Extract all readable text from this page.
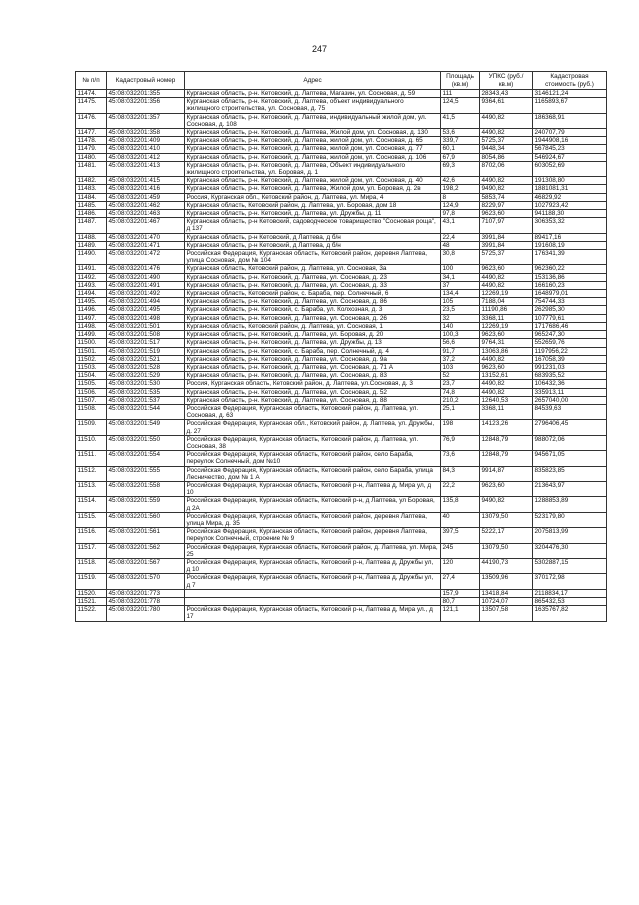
247
№ п/п	Кадастровый номер	Адрес	Площадь (кв.м)	УПКС (руб./кв.м)	Кадастровая стоимость (руб.)
11474.	45:08:032201:355	Курганская область, р-н. Кетовский, д. Лаптева, Магазин, ул. Сосновая, д. 59	111	28343,43	3146121,24
11475.	45:08:032201:356	Курганская область, р-н. Кетовский, д. Лаптева, объект индивидуального жилищного строительства, ул. Сосновая, д. 75	124,5	9364,61	1165893,67
11476.	45:08:032201:357	Курганская область, р-н. Кетовский, д. Лаптева, индивидуальный жилой дом, ул. Сосновая, д. 108	41,5	4490,82	186368,91
11477.	45:08:032201:358	Курганская область, р-н. Кетовский, д. Лаптева, Жилой дом, ул. Сосновая, д. 130	53,6	4490,82	240707,79
11478.	45:08:032201:409	Курганская область, р-н. Кетовский, д. Лаптева, жилой дом, ул. Сосновая, д. 65	339,7	5725,37	1944908,16
11479.	45:08:032201:410	Курганская область, р-н. Кетовский, д. Лаптева, жилой дом, ул. Сосновая, д. 77	60,1	9448,34	567845,23
11480.	45:08:032201:412	Курганская область, р-н. Кетовский, д. Лаптева, жилой дом, ул. Сосновая, д. 106	67,9	8054,86	546924,67
11481.	45:08:032201:413	Курганская область, р-н. Кетовский, д. Лаптева, Объект индивидуального жилищного строительства, ул. Боровая, д. 1	69,3	8702,06	603052,69
11482.	45:08:032201:415	Курганская область, р-н. Кетовский, д. Лаптева, жилой дом, ул. Сосновая, д. 40	42,6	4490,82	191308,80
11483.	45:08:032201:416	Курганская область, р-н. Кетовский, д. Лаптева, Жилой дом, ул. Боровая, д. 2в	198,2	9490,82	1881081,31
11484.	45:08:032201:459	Россия, Курганская обл., Кетовский район, д. Лаптева, ул. Мира, 4	8	5853,74	46829,92
11485.	45:08:032201:462	Курганская область, Кетовский район, д. Лаптева, ул. Боровая, дом 18	124,9	8229,97	1027923,42
11486.	45:08:032201:463	Курганская область, р-н. Кетовский, д. Лаптева, ул. Дружбы, д. 11	97,8	9623,60	941188,30
11487.	45:08:032201:467	Курганская область, р-н Кетовский, садоводческое товарищество "Сосновая роща", д 137	43,1	7107,97	306353,32
11488.	45:08:032201:470	Курганская область, р-н Кетовский, д Лаптева, д б/н	22,4	3991,84	89417,16
11489.	45:08:032201:471	Курганская область, р-н Кетовский, д Лаптева, д б/н	48	3991,84	191608,19
11490.	45:08:032201:472	Российская Федерация, Курганская область, Кетовский район, деревня Лаптева, улица Сосновая, дом № 104	30,8	5725,37	176341,39
11491.	45:08:032201:476	Курганская область, Кетовский район, д. Лаптева, ул. Сосновая, 3а	100	9623,60	962360,22
11492.	45:08:032201:490	Курганская область, р-н. Кетовский, д. Лаптева, ул. Сосновая, д. 23	34,1	4490,82	153136,86
11493.	45:08:032201:491	Курганская область, р-н. Кетовский, д. Лаптева, ул. Сосновая, д. 33	37	4490,82	166160,23
11494.	45:08:032201:492	Курганская область, Кетовский район, с. Бараба, пер. Солнечный, 6	134,4	12269,19	1648979,01
11495.	45:08:032201:494	Курганская область, р-н. Кетовский, д. Лаптева, ул. Сосновая, д. 86	105	7188,04	754744,33
11496.	45:08:032201:495	Курганская область, р-н. Кетовский, с. Бараба, ул. Колхозная, д. 3	23,5	11190,86	262985,30
11497.	45:08:032201:498	Курганская область, р-н. Кетовский, д. Лаптева, ул. Сосновая, д. 26	32	3368,11	107779,61
11498.	45:08:032201:501	Курганская область, Кетовский район, д. Лаптева, ул. Сосновая, 1	140	12269,19	1717686,46
11499.	45:08:032201:508	Курганская область, р-н. Кетовский, д. Лаптева, ул. Боровая, д. 20	100,3	9623,60	965247,30
11500.	45:08:032201:517	Курганская область, р-н. Кетовский, д. Лаптева, ул. Дружбы, д. 13	56,6	9764,31	552659,76
11501.	45:08:032201:519	Курганская область, р-н. Кетовский, с. Бараба, пер. Солнечный, д. 4	91,7	13063,86	1197956,22
11502.	45:08:032201:521	Курганская область, р-н. Кетовский, д. Лаптева, ул. Сосновая, д. 9а	37,2	4490,82	167058,39
11503.	45:08:032201:528	Курганская область, р-н. Кетовский, д. Лаптева, ул. Сосновая, д. 71 А	103	9623,60	991231,03
11504.	45:08:032201:529	Курганская область, р-н. Кетовский, д. Лаптева, ул. Сосновая, д. 83	52	13152,61	683935,52
11505.	45:08:032201:530	Россия, Курганская область, Кетовский район, д. Лаптева, ул.Сосновая, д. 3	23,7	4490,82	106432,36
11506.	45:08:032201:535	Курганская область, р-н. Кетовский, д. Лаптева, ул. Сосновая, д. 52	74,8	4490,82	335913,11
11507.	45:08:032201:537	Курганская область, р-н. Кетовский, д. Лаптева, ул. Сосновая, д. 88	210,2	12640,53	2657040,00
11508.	45:08:032201:544	Российская Федерация, Курганская область, Кетовский район, д. Лаптева, ул. Сосновая, д. 63	25,1	3368,11	84539,63
11509.	45:08:032201:549	Российская Федерация, Курганская обл., Кетовский район, д. Лаптева, ул. Дружбы, д. 27	198	14123,26	2796406,45
11510.	45:08:032201:550	Российская Федерация, Курганская область, Кетовский район, д. Лаптева, ул. Сосновая, 38	76,9	12848,79	988072,06
11511.	45:08:032201:554	Российская Федерация, Курганская область, Кетовский район, село Бараба, переулок Солнечный, дом №10	73,6	12848,79	945671,05
11512.	45:08:032201:555	Российская Федерация, Курганская область, Кетовский район, село Бараба, улица Лесничество, дом № 1 А	84,3	9914,87	835823,85
11513.	45:08:032201:558	Российская Федерация, Курганская область, Кетовский р-н, Лаптева д, Мира ул, д 10	22,2	9623,60	213643,97
11514.	45:08:032201:559	Российская Федерация, Курганская область, Кетовский р-н, д Лаптева, ул Боровая, д 2А	135,8	9490,82	1288853,89
11515.	45:08:032201:560	Российская Федерация, Курганская область, Кетовский район, деревня Лаптева, улица Мира, д. 35	40	13079,50	523179,80
11516.	45:08:032201:561	Российская Федерация, Курганская область, Кетовский район, деревня Лаптева, переулок Солнечный, строение № 9	397,5	5222,17	2075813,99
11517.	45:08:032201:562	Российская Федерация, Курганская область, Кетовский район, д. Лаптева, ул. Мира, 25	245	13079,50	3204476,30
11518.	45:08:032201:567	Российская Федерация, Курганская область, Кетовский р-н, Лаптева д, Дружбы ул, д 10	120	44190,73	5302887,15
11519.	45:08:032201:570	Российская Федерация, Курганская область, Кетовский р-н, Лаптева д, Дружбы ул, д 7	27,4	13509,96	370172,98
11520.	45:08:032201:773		157,9	13418,84	2118834,17
11521.	45:08:032201:778		80,7	10724,07	865432,53
11522.	45:08:032201:780	Российская Федерация, Курганская область, Кетовский р-н, Лаптева д, Мира ул., д 17	121,1	13507,58	1635767,82
